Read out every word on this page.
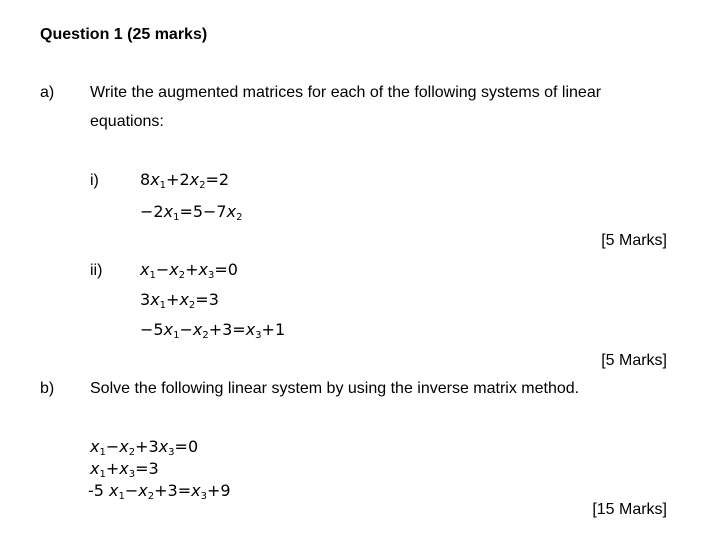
Question 1 (25 marks)
a) Write the augmented matrices for each of the following systems of linear
equations:
i)	$8x_1+2x_2=2$
$-2x_1=5-7x_2$
[5 Marks]
ii) $x_1-x_2+x_3=0$
$3x_1+x_2=3$
$-5x_1-x_2+3=x_3+1$
[5 Marks]
b) Solve the following linear system by using the inverse matrix method.
$x_1-x_2+3x_3=0$
$x_1+x_3=3$
-5 $x_1-x_2+3=x_3+9$
[15 Marks]
